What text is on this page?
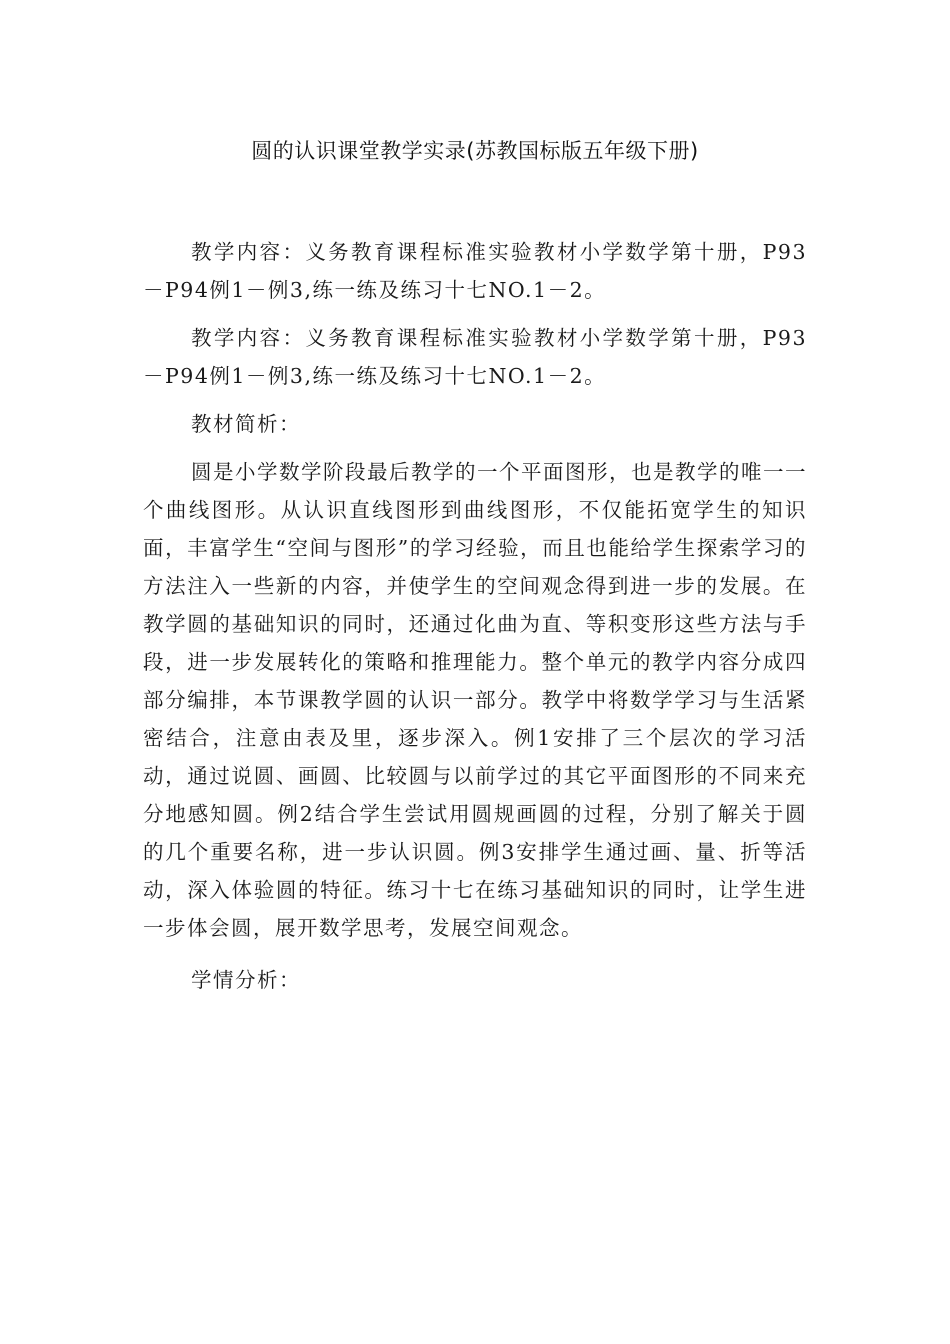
圆的认识课堂教学实录(苏教国标版五年级下册)

教学内容：义务教育课程标准实验教材小学数学第十册，P93－P94例1－例3,练一练及练习十七NO.1－2。

教学内容：义务教育课程标准实验教材小学数学第十册，P93－P94例1－例3,练一练及练习十七NO.1－2。

教材简析：

圆是小学数学阶段最后教学的一个平面图形，也是教学的唯一一个曲线图形。从认识直线图形到曲线图形，不仅能拓宽学生的知识面，丰富学生“空间与图形”的学习经验，而且也能给学生探索学习的方法注入一些新的内容，并使学生的空间观念得到进一步的发展。在教学圆的基础知识的同时，还通过化曲为直、等积变形这些方法与手段，进一步发展转化的策略和推理能力。整个单元的教学内容分成四部分编排，本节课教学圆的认识一部分。教学中将数学学习与生活紧密结合，注意由表及里，逐步深入。例1安排了三个层次的学习活动，通过说圆、画圆、比较圆与以前学过的其它平面图形的不同来充分地感知圆。例2结合学生尝试用圆规画圆的过程，分别了解关于圆的几个重要名称，进一步认识圆。例3安排学生通过画、量、折等活动，深入体验圆的特征。练习十七在练习基础知识的同时，让学生进一步体会圆，展开数学思考，发展空间观念。

学情分析：
